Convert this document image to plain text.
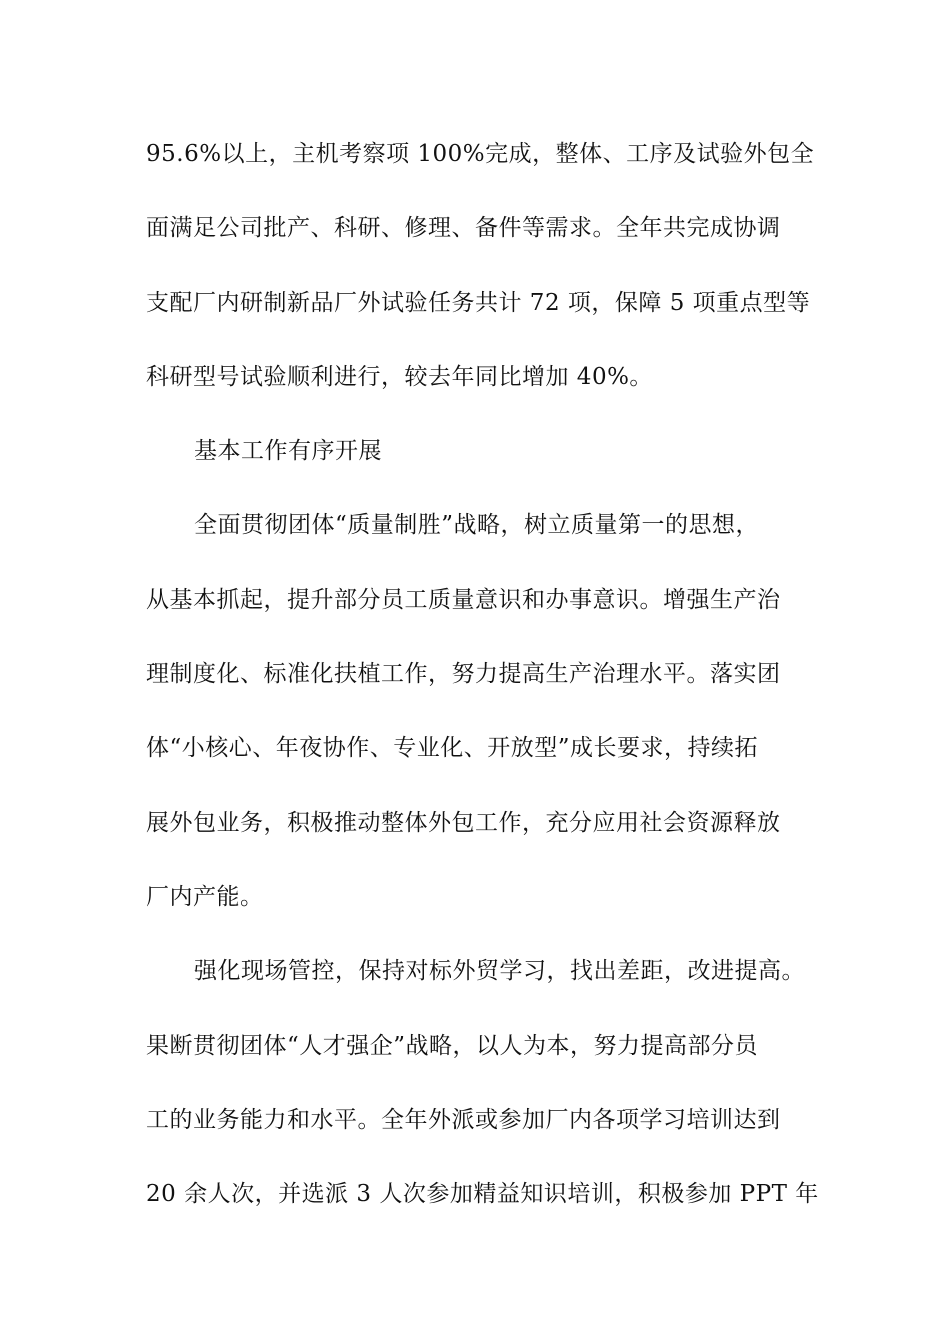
95.6%以上，主机考察项 100%完成，整体、工序及试验外包全
面满足公司批产、科研、修理、备件等需求。全年共完成协调
支配厂内研制新品厂外试验任务共计 72 项，保障 5 项重点型等
科研型号试验顺利进行，较去年同比增加 40%。
基本工作有序开展
全面贯彻团体“质量制胜”战略，树立质量第一的思想，
从基本抓起，提升部分员工质量意识和办事意识。增强生产治
理制度化、标准化扶植工作，努力提高生产治理水平。落实团
体“小核心、年夜协作、专业化、开放型”成长要求，持续拓
展外包业务，积极推动整体外包工作，充分应用社会资源释放
厂内产能。
强化现场管控，保持对标外贸学习，找出差距，改进提高。
果断贯彻团体“人才强企”战略，以人为本，努力提高部分员
工的业务能力和水平。全年外派或参加厂内各项学习培训达到
20 余人次，并选派 3 人次参加精益知识培训，积极参加 PPT 年
